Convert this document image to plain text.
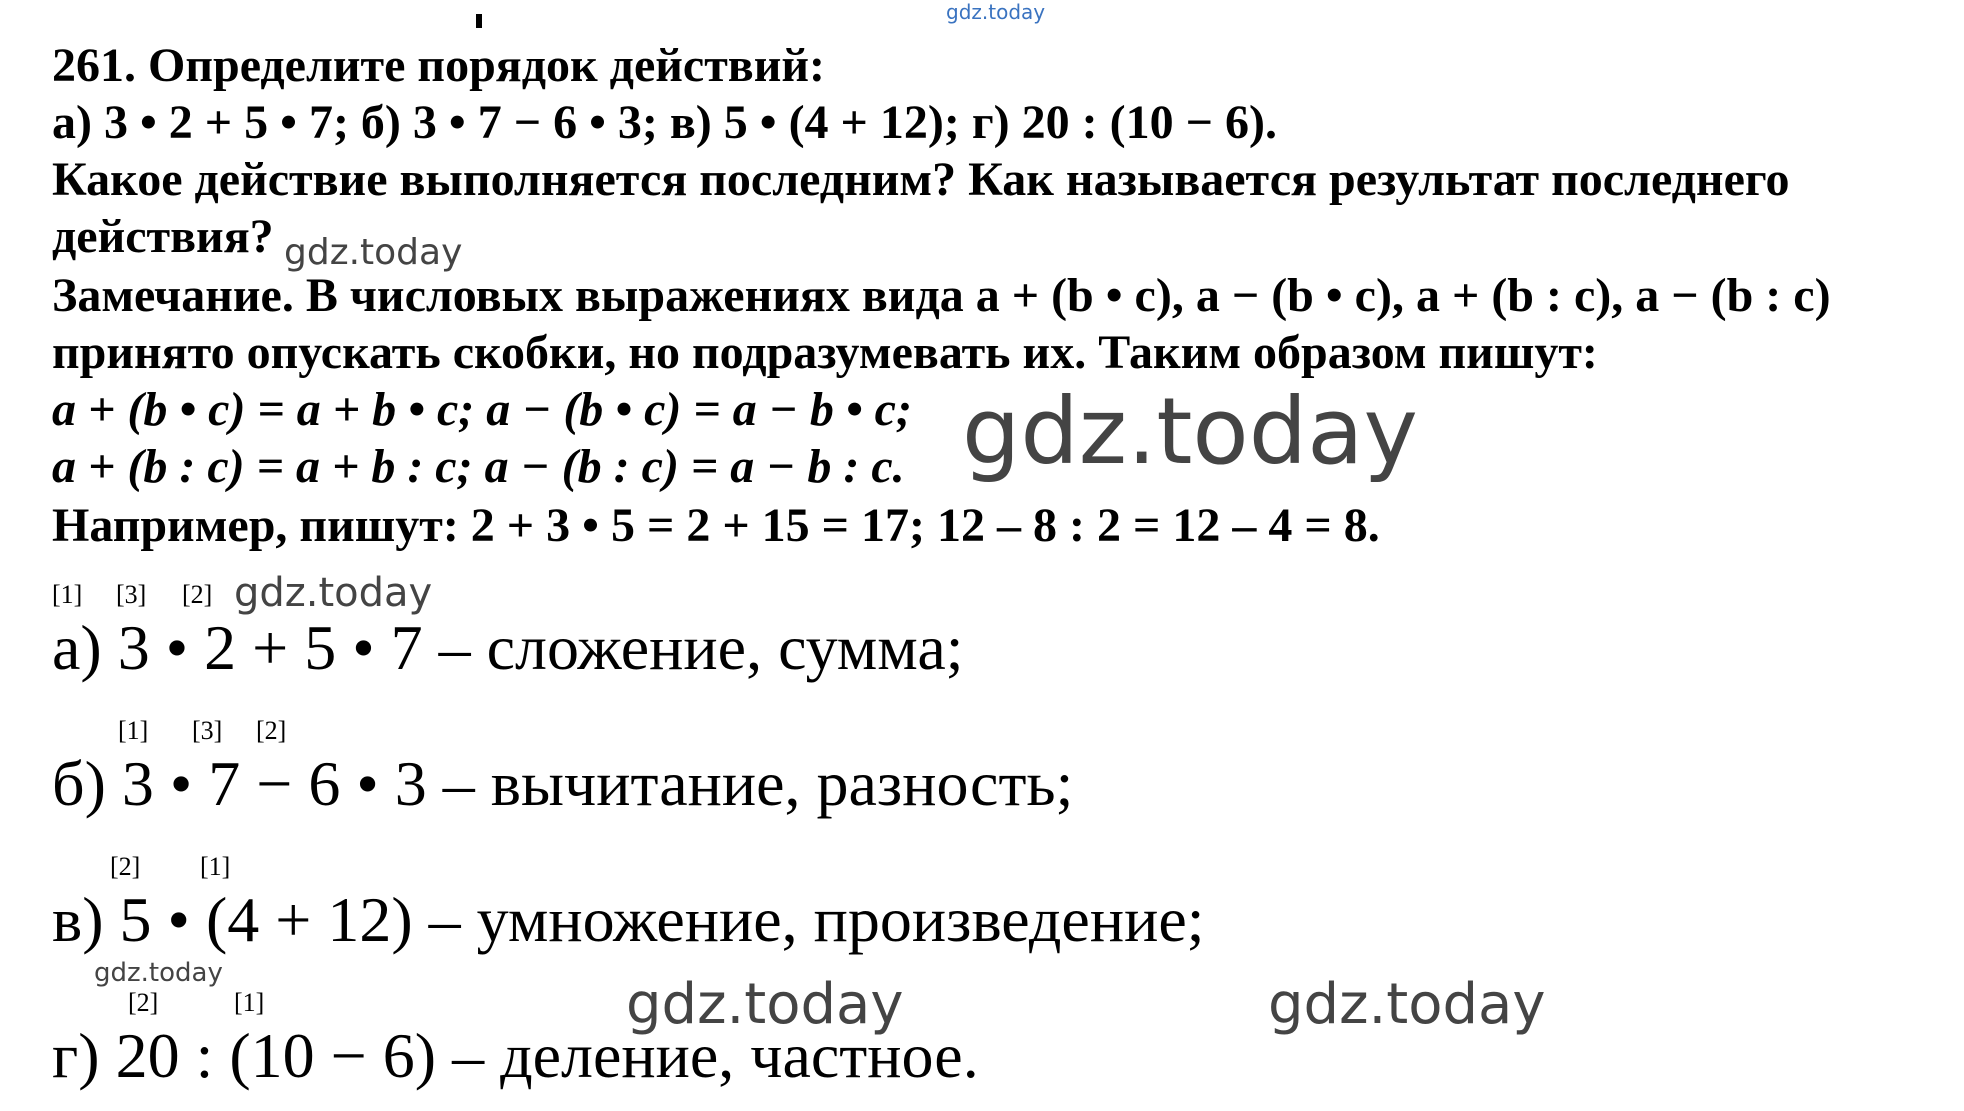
gdz.today
261. Определите порядок действий:
а) 3 • 2 + 5 • 7; б) 3 • 7 − 6 • 3; в) 5 • (4 + 12); г) 20 : (10 − 6).
Какое действие выполняется последним? Как называется результат последнего
действия? gdz.today
Замечание. В числовых выражениях вида a + (b • c), a − (b • c), a + (b : c), a − (b : c)
принято опускать скобки, но подразумевать их. Таким образом пишут:
a + (b • c) = a + b • c; a − (b • c) = a − b • c;
a + (b : c) = a + b : c; a − (b : c) = a − b : c. gdz.today
Например, пишут: 2 + 3 • 5 = 2 + 15 = 17; 12 – 8 : 2 = 12 – 4 = 8.
[1] [3] [2] gdz.today
а) 3 • 2 + 5 • 7 – сложение, сумма;
[1] [3] [2]
б) 3 • 7 − 6 • 3 – вычитание, разность;
[2] [1]
в) 5 • (4 + 12) – умножение, произведение;
gdz.today
[2]	[1]	gdz.today	gdz.today
г) 20 : (10 − 6) – деление, частное.
